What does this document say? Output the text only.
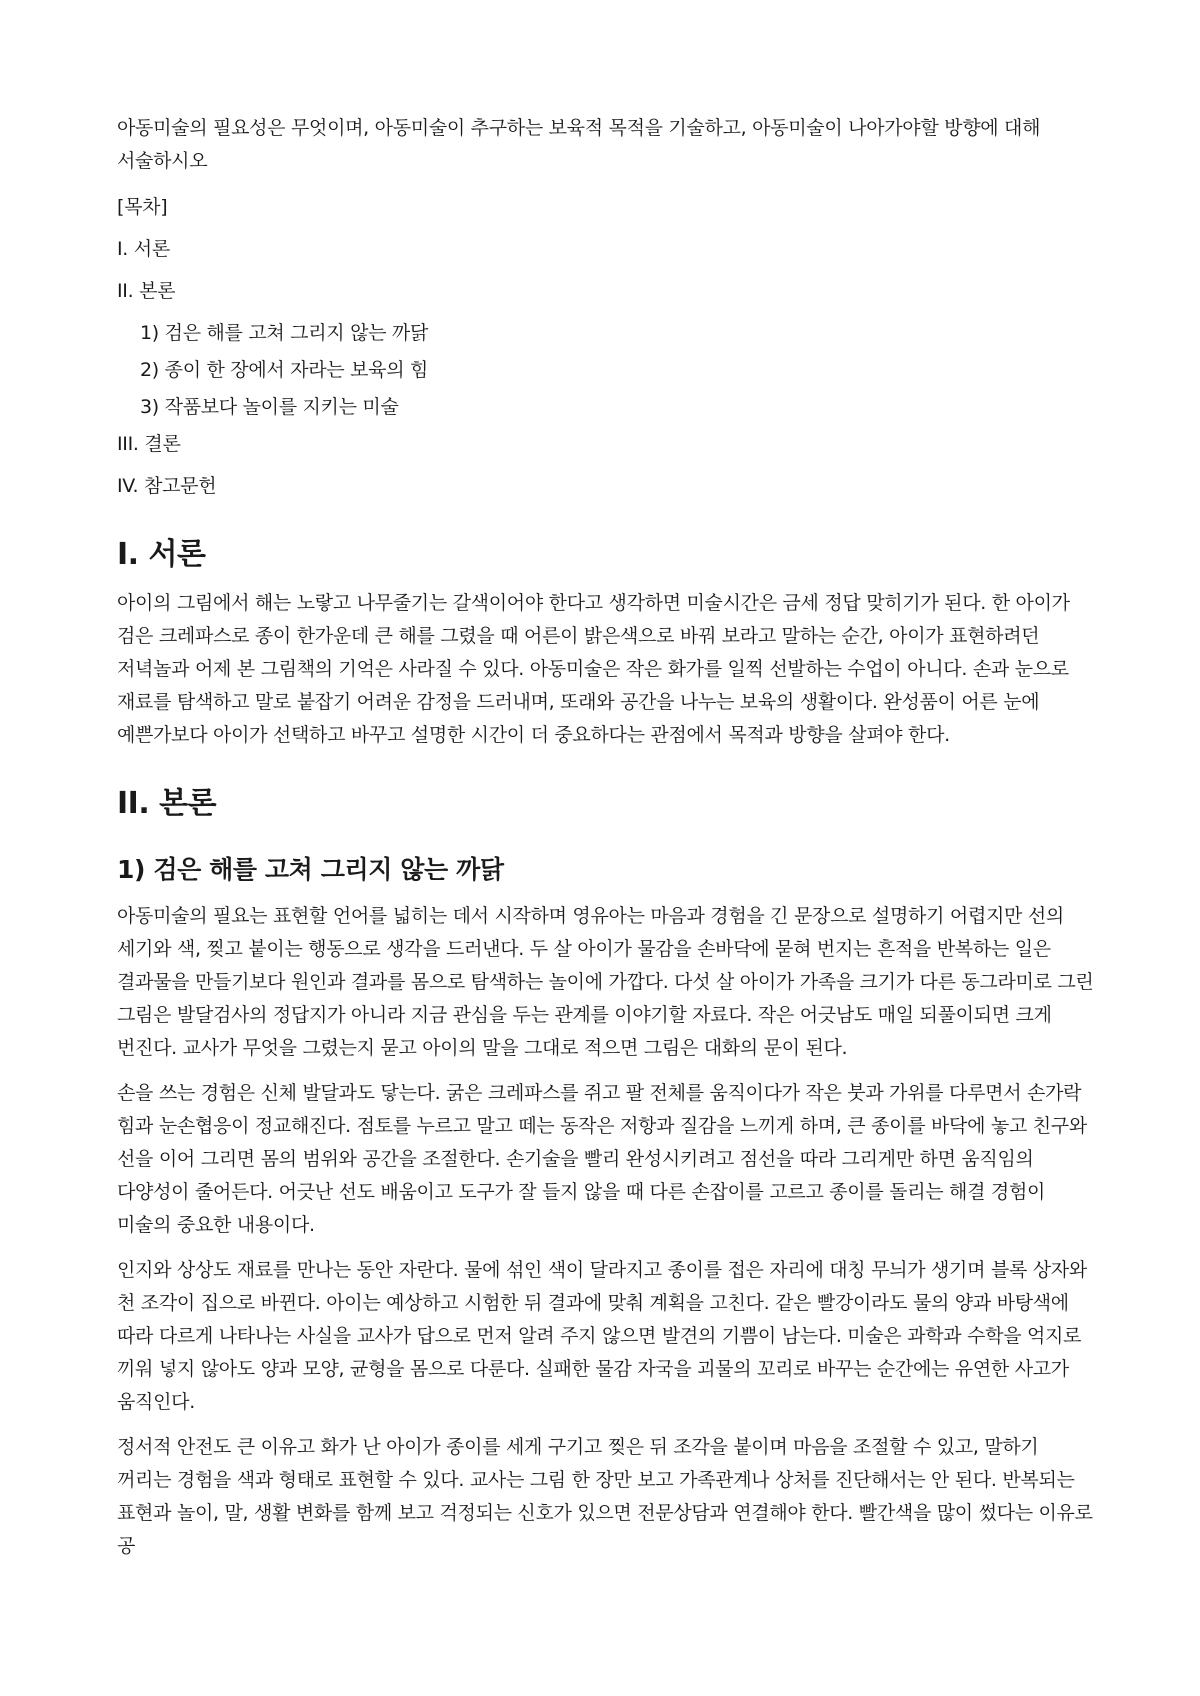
아동미술의 필요성은 무엇이며, 아동미술이 추구하는 보육적 목적을 기술하고, 아동미술이 나아가야할 방향에 대해 서술하시오

[목차]

I. 서론
II. 본론
1) 검은 해를 고쳐 그리지 않는 까닭
2) 종이 한 장에서 자라는 보육의 힘
3) 작품보다 놀이를 지키는 미술
III. 결론
IV. 참고문헌
I. 서론

아이의 그림에서 해는 노랗고 나무줄기는 갈색이어야 한다고 생각하면 미술시간은 금세 정답 맞히기가 된다. 한 아이가 검은 크레파스로 종이 한가운데 큰 해를 그렸을 때 어른이 밝은색으로 바꿔 보라고 말하는 순간, 아이가 표현하려던 저녁놀과 어제 본 그림책의 기억은 사라질 수 있다. 아동미술은 작은 화가를 일찍 선발하는 수업이 아니다. 손과 눈으로 재료를 탐색하고 말로 붙잡기 어려운 감정을 드러내며, 또래와 공간을 나누는 보육의 생활이다. 완성품이 어른 눈에 예쁜가보다 아이가 선택하고 바꾸고 설명한 시간이 더 중요하다는 관점에서 목적과 방향을 살펴야 한다.

II. 본론
1) 검은 해를 고쳐 그리지 않는 까닭

아동미술의 필요는 표현할 언어를 넓히는 데서 시작하며 영유아는 마음과 경험을 긴 문장으로 설명하기 어렵지만 선의 세기와 색, 찢고 붙이는 행동으로 생각을 드러낸다. 두 살 아이가 물감을 손바닥에 묻혀 번지는 흔적을 반복하는 일은 결과물을 만들기보다 원인과 결과를 몸으로 탐색하는 놀이에 가깝다. 다섯 살 아이가 가족을 크기가 다른 동그라미로 그린 그림은 발달검사의 정답지가 아니라 지금 관심을 두는 관계를 이야기할 자료다. 작은 어긋남도 매일 되풀이되면 크게 번진다. 교사가 무엇을 그렸는지 묻고 아이의 말을 그대로 적으면 그림은 대화의 문이 된다.

손을 쓰는 경험은 신체 발달과도 닿는다. 굵은 크레파스를 쥐고 팔 전체를 움직이다가 작은 붓과 가위를 다루면서 손가락 힘과 눈손협응이 정교해진다. 점토를 누르고 말고 떼는 동작은 저항과 질감을 느끼게 하며, 큰 종이를 바닥에 놓고 친구와 선을 이어 그리면 몸의 범위와 공간을 조절한다. 손기술을 빨리 완성시키려고 점선을 따라 그리게만 하면 움직임의 다양성이 줄어든다. 어긋난 선도 배움이고 도구가 잘 들지 않을 때 다른 손잡이를 고르고 종이를 돌리는 해결 경험이 미술의 중요한 내용이다.

인지와 상상도 재료를 만나는 동안 자란다. 물에 섞인 색이 달라지고 종이를 접은 자리에 대칭 무늬가 생기며 블록 상자와 천 조각이 집으로 바뀐다. 아이는 예상하고 시험한 뒤 결과에 맞춰 계획을 고친다. 같은 빨강이라도 물의 양과 바탕색에 따라 다르게 나타나는 사실을 교사가 답으로 먼저 알려 주지 않으면 발견의 기쁨이 남는다. 미술은 과학과 수학을 억지로 끼워 넣지 않아도 양과 모양, 균형을 몸으로 다룬다. 실패한 물감 자국을 괴물의 꼬리로 바꾸는 순간에는 유연한 사고가 움직인다.

정서적 안전도 큰 이유고 화가 난 아이가 종이를 세게 구기고 찢은 뒤 조각을 붙이며 마음을 조절할 수 있고, 말하기 꺼리는 경험을 색과 형태로 표현할 수 있다. 교사는 그림 한 장만 보고 가족관계나 상처를 진단해서는 안 된다. 반복되는 표현과 놀이, 말, 생활 변화를 함께 보고 걱정되는 신호가 있으면 전문상담과 연결해야 한다. 빨간색을 많이 썼다는 이유로 공
